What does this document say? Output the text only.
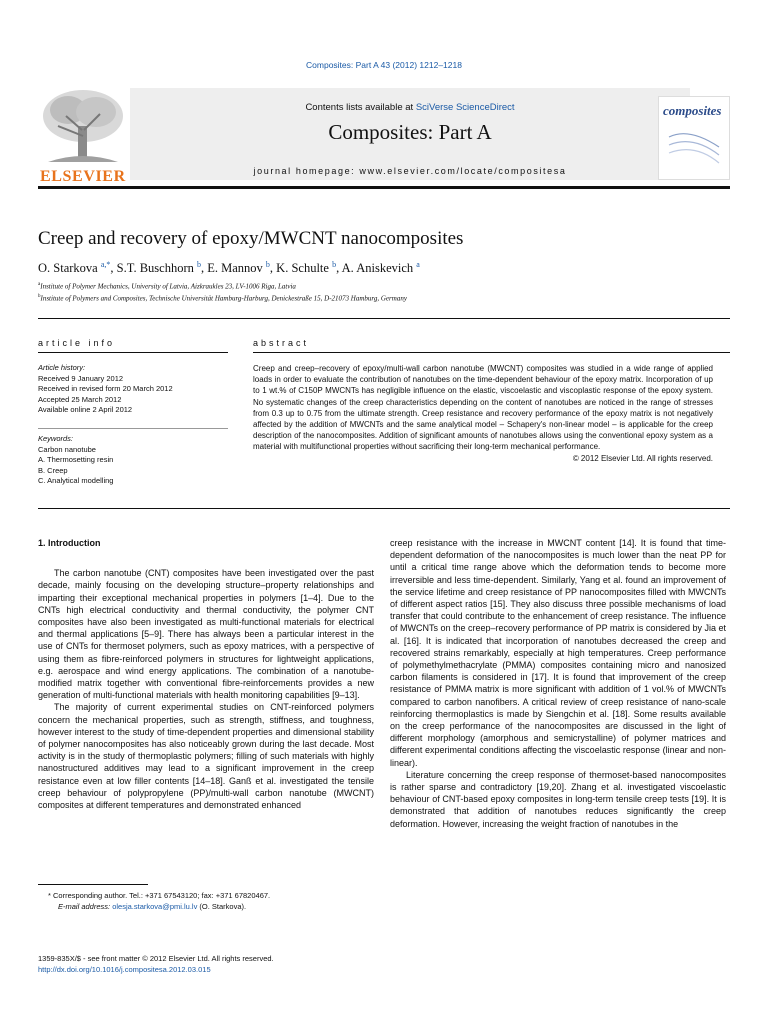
Composites: Part A 43 (2012) 1212–1218
ELSEVIER
Contents lists available at SciVerse ScienceDirect
Composites: Part A
journal homepage: www.elsevier.com/locate/compositesa
composites
Creep and recovery of epoxy/MWCNT nanocomposites
O. Starkova $^{a,*}$, S.T. Buschhorn $^b$, E. Mannov $^b$, K. Schulte $^b$, A. Aniskevich $^a$
$^a$Institute of Polymer Mechanics, University of Latvia, Aizkraukles 23, LV-1006 Riga, Latvia
$^b$Institute of Polymers and Composites, Technische Universität Hamburg-Harburg, Denickestraße 15, D-21073 Hamburg, Germany
article info	abstract
Article history:
Received 9 January 2012
Received in revised form 20 March 2012
Accepted 25 March 2012
Available online 2 April 2012
Keywords:
Carbon nanotube
A. Thermosetting resin
B. Creep
C. Analytical modelling
Creep and creep–recovery of epoxy/multi-wall carbon nanotube (MWCNT) composites was studied in a wide range of applied loads in order to evaluate the contribution of nanotubes on the time-dependent behaviour of the epoxy matrix. Incorporation of up to 1 wt.% of C150P MWCNTs has negligible influence on the elastic, viscoelastic and viscoplastic response of the epoxy system. No systematic changes of the creep characteristics depending on the content of nanotubes are noticed in the range of stresses from 0.3 up to 0.75 from the ultimate strength. Creep resistance and recovery performance of the epoxy matrix is not negatively affected by the addition of MWCNTs and the same analytical model – Schapery's non-linear model – is applicable for the creep description of the nanocomposites. Addition of significant amounts of nanotubes allows using the conventional epoxy system as a material with multifunctional properties without sacrificing their long-term mechanical performance.
© 2012 Elsevier Ltd. All rights reserved.
1. Introduction

The carbon nanotube (CNT) composites have been investigated over the past decade, mainly focusing on the developing structure–property relationships and imparting their exceptional mechanical properties in polymers [1–4]. Due to the CNTs high electrical conductivity and thermal conductivity, the polymer CNT composites have also been investigated as multi-functional materials for electrical and thermal applications [5–9]. There has always been a particular interest in the use of CNTs for thermoset polymers, such as epoxy matrices, with a perspective of using them as fibre-reinforced polymers in structures for lightweight applications, e.g. aerospace and wind energy applications. The combination of a nanotube-modified matrix together with conventional fibre-reinforcements provides a new generation of multi-functional materials with health monitoring capabilities [9–13].

The majority of current experimental studies on CNT-reinforced polymers concern the mechanical properties, such as strength, stiffness, and toughness, however interest to the study of time-dependent properties and dimensional stability of polymer nanocomposites has also noticeably grown during the last decade. Most activity is in the study of thermoplastic polymers; filling of such materials with highly nanostructured additives may lead to a significant improvement in the creep resistance even at low filler contents [14–18]. Ganß et al. investigated the tensile creep behaviour of polypropylene (PP)/multi-wall carbon nanotube (MWCNT) composites at different temperatures and demonstrated enhanced

creep resistance with the increase in MWCNT content [14]. It is found that time-dependent deformation of the nanocomposites is much lower than the neat PP for until a critical time range above which the deformation tends to become more irreversible and less time-dependent. Similarly, Yang et al. found an improvement of the service lifetime and creep resistance of PP nanocomposites filled with MWCNTs of different aspect ratios [15]. They also discuss three possible mechanisms of load transfer that could contribute to the enhancement of creep resistance. The influence of MWCNTs on the creep–recovery performance of PP matrix is considered by Jia et al. [16]. It is indicated that incorporation of nanotubes decreased the creep and recovered strains remarkably, especially at high temperatures. Creep performance of polymethylmethacrylate (PMMA) composites containing micro and nanosized carbon filaments is considered in [17]. It is found that improvement of the creep resistance of PMMA matrix is more significant with addition of 1 vol.% of MWCNTs compared to carbon nanofibers. A critical review of creep resistance of nano-scale reinforcing thermoplastics is made by Siengchin et al. [18]. Some results available on the creep performance of the nanocomposites are discussed in the light of different morphology (amorphous and semicrystalline) of polymer matrices and different experimental conditions affecting the viscoelastic response (linear and non-linear).

Literature concerning the creep response of thermoset-based nanocomposites is rather sparse and contradictory [19,20]. Zhang et al. investigated viscoelastic behaviour of CNT-based epoxy composites in long-term tensile creep tests [19]. It is demonstrated that addition of nanotubes reduces significantly the creep deformation. However, increasing the weight fraction of nanotubes in the

* Corresponding author. Tel.: +371 67543120; fax: +371 67820467.
E-mail address: olesja.starkova@pmi.lu.lv (O. Starkova).
1359-835X/$ - see front matter © 2012 Elsevier Ltd. All rights reserved.
http://dx.doi.org/10.1016/j.compositesa.2012.03.015
